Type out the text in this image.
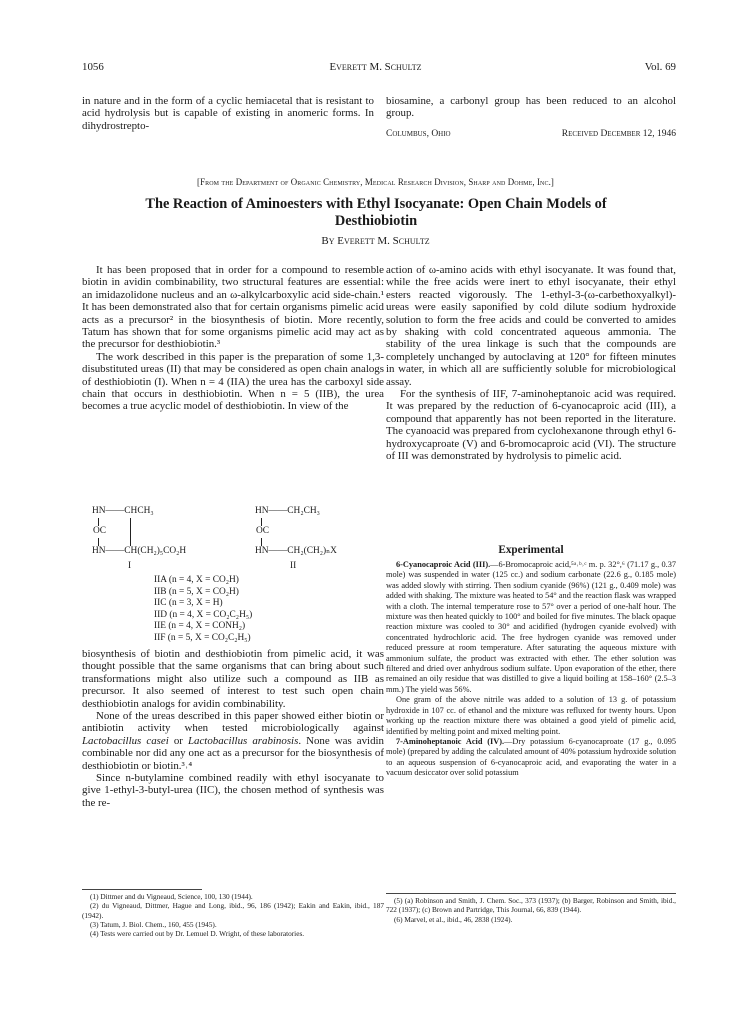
1056	Everett M. Schultz	Vol. 69
in nature and in the form of a cyclic hemiacetal that is resistant to acid hydrolysis but is capable of existing in anomeric forms. In dihydrostrepto-
biosamine, a carbonyl group has been reduced to an alcohol group.
Columbus, Ohio	Received December 12, 1946
[From the Department of Organic Chemistry, Medical Research Division, Sharp and Dohme, Inc.]
The Reaction of Aminoesters with Ethyl Isocyanate: Open Chain Models of Desthiobiotin
By Everett M. Schultz

It has been proposed that in order for a compound to resemble biotin in avidin combinability, two structural features are essential: an imidazolidone nucleus and an ω-alkylcarboxylic acid side-chain.¹ It has been demonstrated also that for certain organisms pimelic acid acts as a precursor² in the biosynthesis of biotin. More recently, Tatum has shown that for some organisms pimelic acid may act as the precursor for desthiobiotin.³

The work described in this paper is the preparation of some 1,3-disubstituted ureas (II) that may be considered as open chain analogs of desthiobiotin (I). When n = 4 (IIA) the urea has the carboxyl side chain that occurs in desthiobiotin. When n = 5 (IIB), the urea becomes a true acyclic model of desthiobiotin. In view of the

HN——CHCH₃
OC
HN——CH(CH₂)₅CO₂H
I
HN——CH₂CH₃
OC
HN——CH₂(CH₂)ₙX
II
IIA (n = 4, X = CO₂H)
IIB (n = 5, X = CO₂H)
IIC (n = 3, X = H)
IID (n = 4, X = CO₂C₂H₅)
IIE (n = 4, X = CONH₂)
IIF (n = 5, X = CO₂C₂H₅)

biosynthesis of biotin and desthiobiotin from pimelic acid, it was thought possible that the same organisms that can bring about such transformations might also utilize such a compound as IIB as precursor. It also seemed of interest to test such open chain desthiobiotin analogs for avidin combinability.

None of the ureas described in this paper showed either biotin or antibiotin activity when tested microbiologically against Lactobacillus casei or Lactobacillus arabinosis. None was avidin combinable nor did any one act as a precursor for the biosynthesis of desthiobiotin or biotin.³˒⁴

Since n-butylamine combined readily with ethyl isocyanate to give 1-ethyl-3-butyl-urea (IIC), the chosen method of synthesis was the re-

(1) Dittmer and du Vigneaud, Science, 100, 130 (1944).
(2) du Vigneaud, Dittmer, Hague and Long, ibid., 96, 186 (1942); Eakin and Eakin, ibid., 187 (1942).
(3) Tatum, J. Biol. Chem., 160, 455 (1945).
(4) Tests were carried out by Dr. Lemuel D. Wright, of these laboratories.

action of ω-amino acids with ethyl isocyanate. It was found that, while the free acids were inert to ethyl isocyanate, their ethyl esters reacted vigorously. The 1-ethyl-3-(ω-carbethoxyalkyl)-ureas were easily saponified by cold dilute sodium hydroxide solution to form the free acids and could be converted to amides by shaking with cold concentrated aqueous ammonia. The stability of the urea linkage is such that the compounds are completely unchanged by autoclaving at 120° for fifteen minutes in water, in which all are sufficiently soluble for microbiological assay.

For the synthesis of IIF, 7-aminoheptanoic acid was required. It was prepared by the reduction of 6-cyanocaproic acid (III), a compound that apparently has not been reported in the literature. The cyanoacid was prepared from cyclohexanone through ethyl 6-hydroxycaproate (V) and 6-bromocaproic acid (VI). The structure of III was demonstrated by hydrolysis to pimelic acid.

Experimental

6-Cyanocaproic Acid (III).—6-Bromocaproic acid,⁵ᵃ˒ᵇ˒ᶜ m. p. 32°,⁶ (71.17 g., 0.37 mole) was suspended in water (125 cc.) and sodium carbonate (22.6 g., 0.185 mole) was added slowly with stirring. Then sodium cyanide (96%) (121 g., 0.409 mole) was added with shaking. The mixture was heated to 54° and the reaction flask was wrapped with a cloth. The internal temperature rose to 57° over a period of one-half hour. The mixture was then heated quickly to 100° and boiled for five minutes. The black opaque reaction mixture was cooled to 30° and acidified (hydrogen cyanide evolved) with concentrated hydrochloric acid. The free hydrogen cyanide was removed under reduced pressure at room temperature. After saturating the aqueous mixture with ammonium sulfate, the product was extracted with ether. The ether solution was filtered and dried over anhydrous sodium sulfate. Upon evaporation of the ether, there remained an oily residue that was distilled to give a liquid boiling at 158–160° (2.5–3 mm.) The yield was 56%.

One gram of the above nitrile was added to a solution of 13 g. of potassium hydroxide in 107 cc. of ethanol and the mixture was refluxed for twenty hours. Upon working up the reaction mixture there was obtained a good yield of pimelic acid, identified by melting point and mixed melting point.

7-Aminoheptanoic Acid (IV).—Dry potassium 6-cyanocaproate (17 g., 0.095 mole) (prepared by adding the calculated amount of 40% potassium hydroxide solution to an aqueous suspension of 6-cyanocaproic acid, and evaporating the water in a vacuum desiccator over solid potassium

(5) (a) Robinson and Smith, J. Chem. Soc., 373 (1937); (b) Barger, Robinson and Smith, ibid., 722 (1937); (c) Brown and Partridge, This Journal, 66, 839 (1944).
(6) Marvel, et al., ibid., 46, 2838 (1924).
